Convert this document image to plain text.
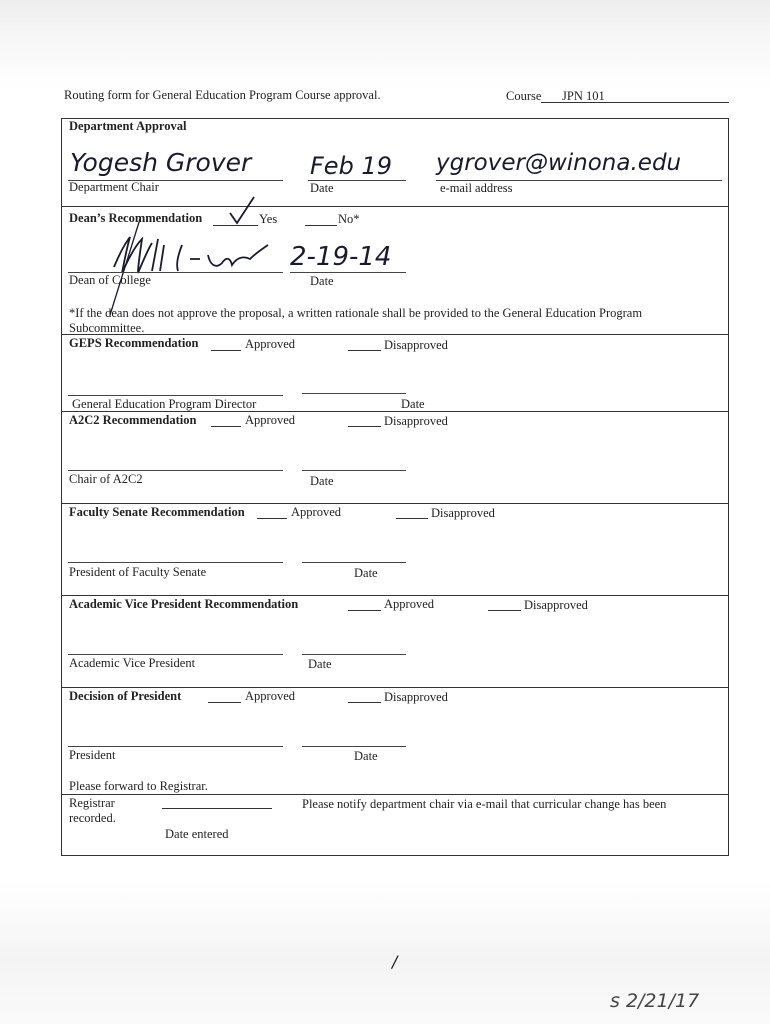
Routing form for General Education Program Course approval.	Course JPN 101
Department Approval
Yogesh Grover
Department Chair
Feb 19
Date
ygrover@winona.edu
e-mail address
Dean’s Recommendation	Yes	No*
Dean of College
2-19-14
Date
*If the dean does not approve the proposal, a written rationale shall be provided to the General Education Program Subcommittee.
GEPS Recommendation	Approved	Disapproved
General Education Program Director	Date
A2C2 Recommendation	Approved	Disapproved
Chair of A2C2	Date
Faculty Senate Recommendation	Approved	Disapproved
President of Faculty Senate	Date
Academic Vice President Recommendation	Approved	Disapproved
Academic Vice President	Date
Decision of President	Approved	Disapproved
President	Date
Please forward to Registrar.
Registrar	Please notify department chair via e-mail that curricular change has been
recorded.
Date entered
/
s 2/21/17
